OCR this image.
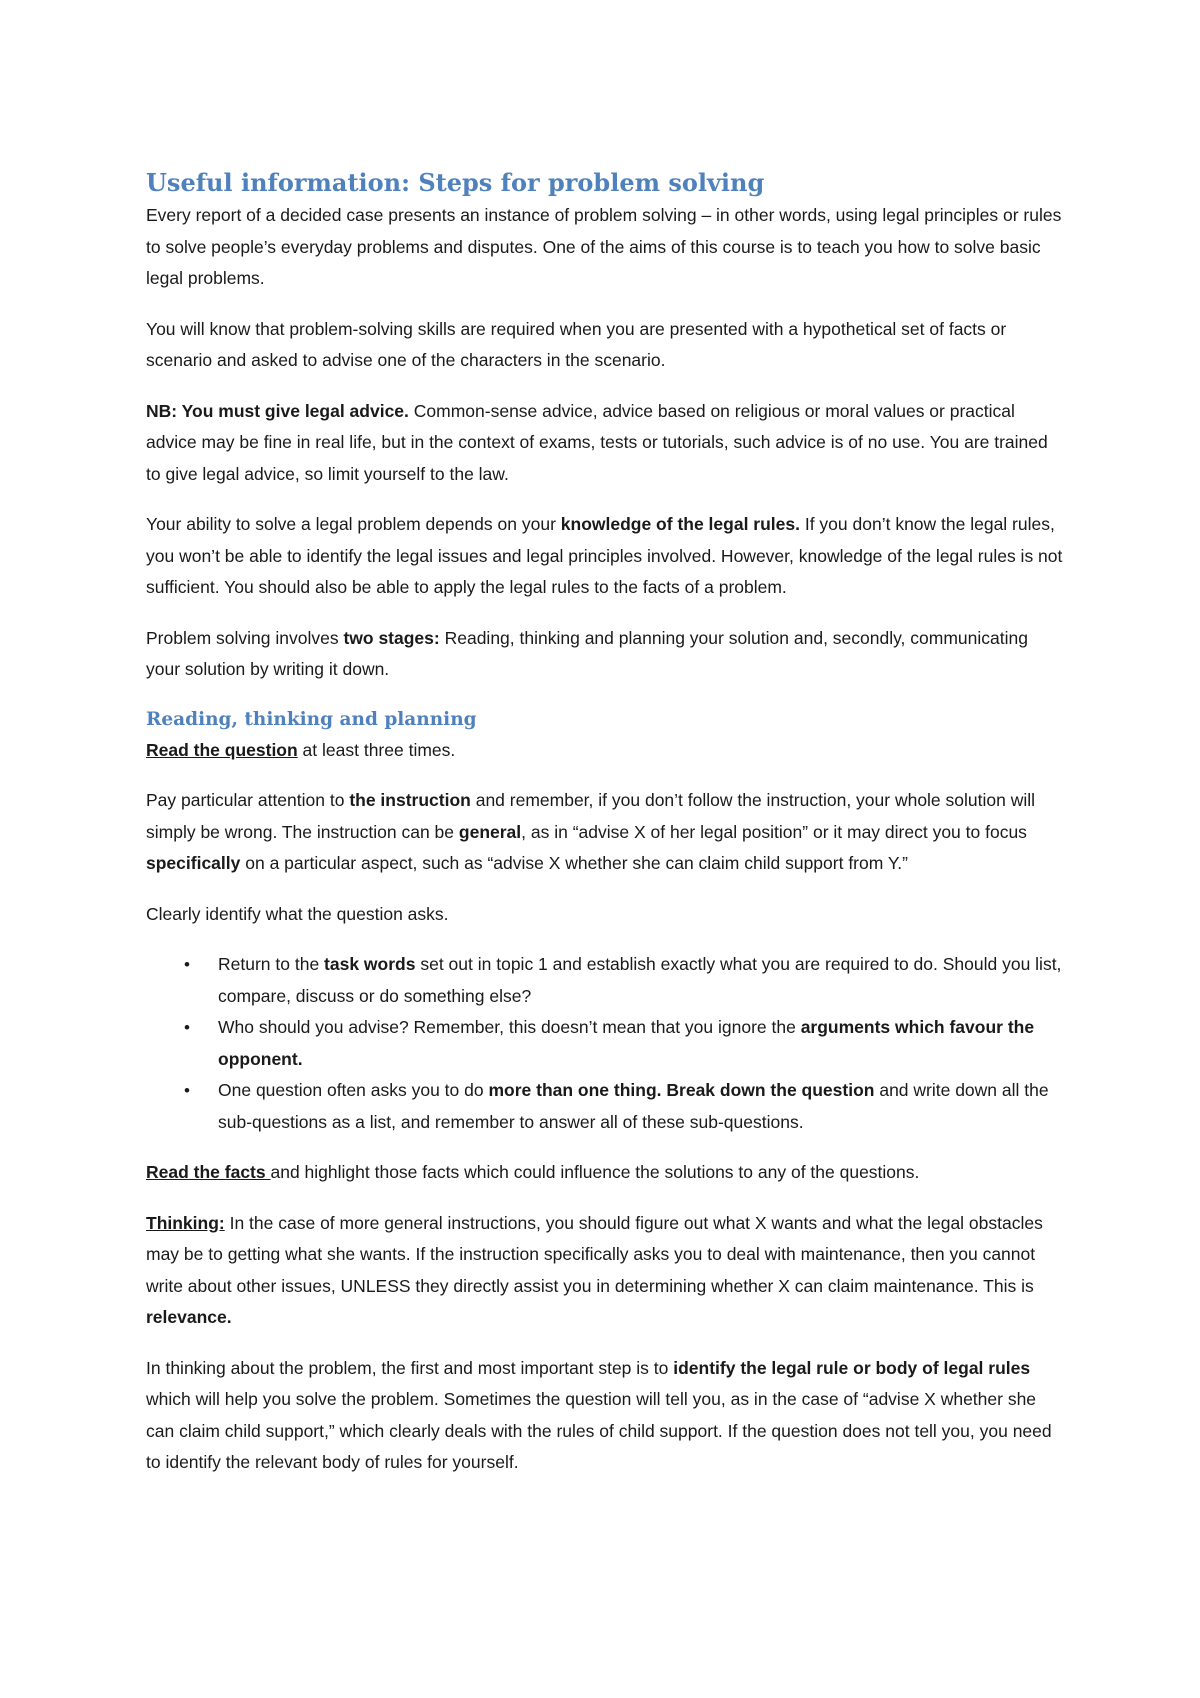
Useful information: Steps for problem solving

Every report of a decided case presents an instance of problem solving – in other words, using legal principles or rules to solve people’s everyday problems and disputes. One of the aims of this course is to teach you how to solve basic legal problems.

You will know that problem-solving skills are required when you are presented with a hypothetical set of facts or scenario and asked to advise one of the characters in the scenario.

NB: You must give legal advice. Common-sense advice, advice based on religious or moral values or practical advice may be fine in real life, but in the context of exams, tests or tutorials, such advice is of no use. You are trained to give legal advice, so limit yourself to the law.

Your ability to solve a legal problem depends on your knowledge of the legal rules. If you don’t know the legal rules, you won’t be able to identify the legal issues and legal principles involved. However, knowledge of the legal rules is not sufficient. You should also be able to apply the legal rules to the facts of a problem.

Problem solving involves two stages: Reading, thinking and planning your solution and, secondly, communicating your solution by writing it down.

Reading, thinking and planning

Read the question at least three times.

Pay particular attention to the instruction and remember, if you don’t follow the instruction, your whole solution will simply be wrong. The instruction can be general, as in “advise X of her legal position” or it may direct you to focus specifically on a particular aspect, such as “advise X whether she can claim child support from Y.”

Clearly identify what the question asks.

• Return to the task words set out in topic 1 and establish exactly what you are required to do. Should you list, compare, discuss or do something else?
• Who should you advise? Remember, this doesn’t mean that you ignore the arguments which favour the opponent.
• One question often asks you to do more than one thing. Break down the question and write down all the sub-questions as a list, and remember to answer all of these sub-questions.

Read the facts and highlight those facts which could influence the solutions to any of the questions.

Thinking: In the case of more general instructions, you should figure out what X wants and what the legal obstacles may be to getting what she wants. If the instruction specifically asks you to deal with maintenance, then you cannot write about other issues, UNLESS they directly assist you in determining whether X can claim maintenance. This is relevance.

In thinking about the problem, the first and most important step is to identify the legal rule or body of legal rules which will help you solve the problem. Sometimes the question will tell you, as in the case of “advise X whether she can claim child support,” which clearly deals with the rules of child support. If the question does not tell you, you need to identify the relevant body of rules for yourself.
